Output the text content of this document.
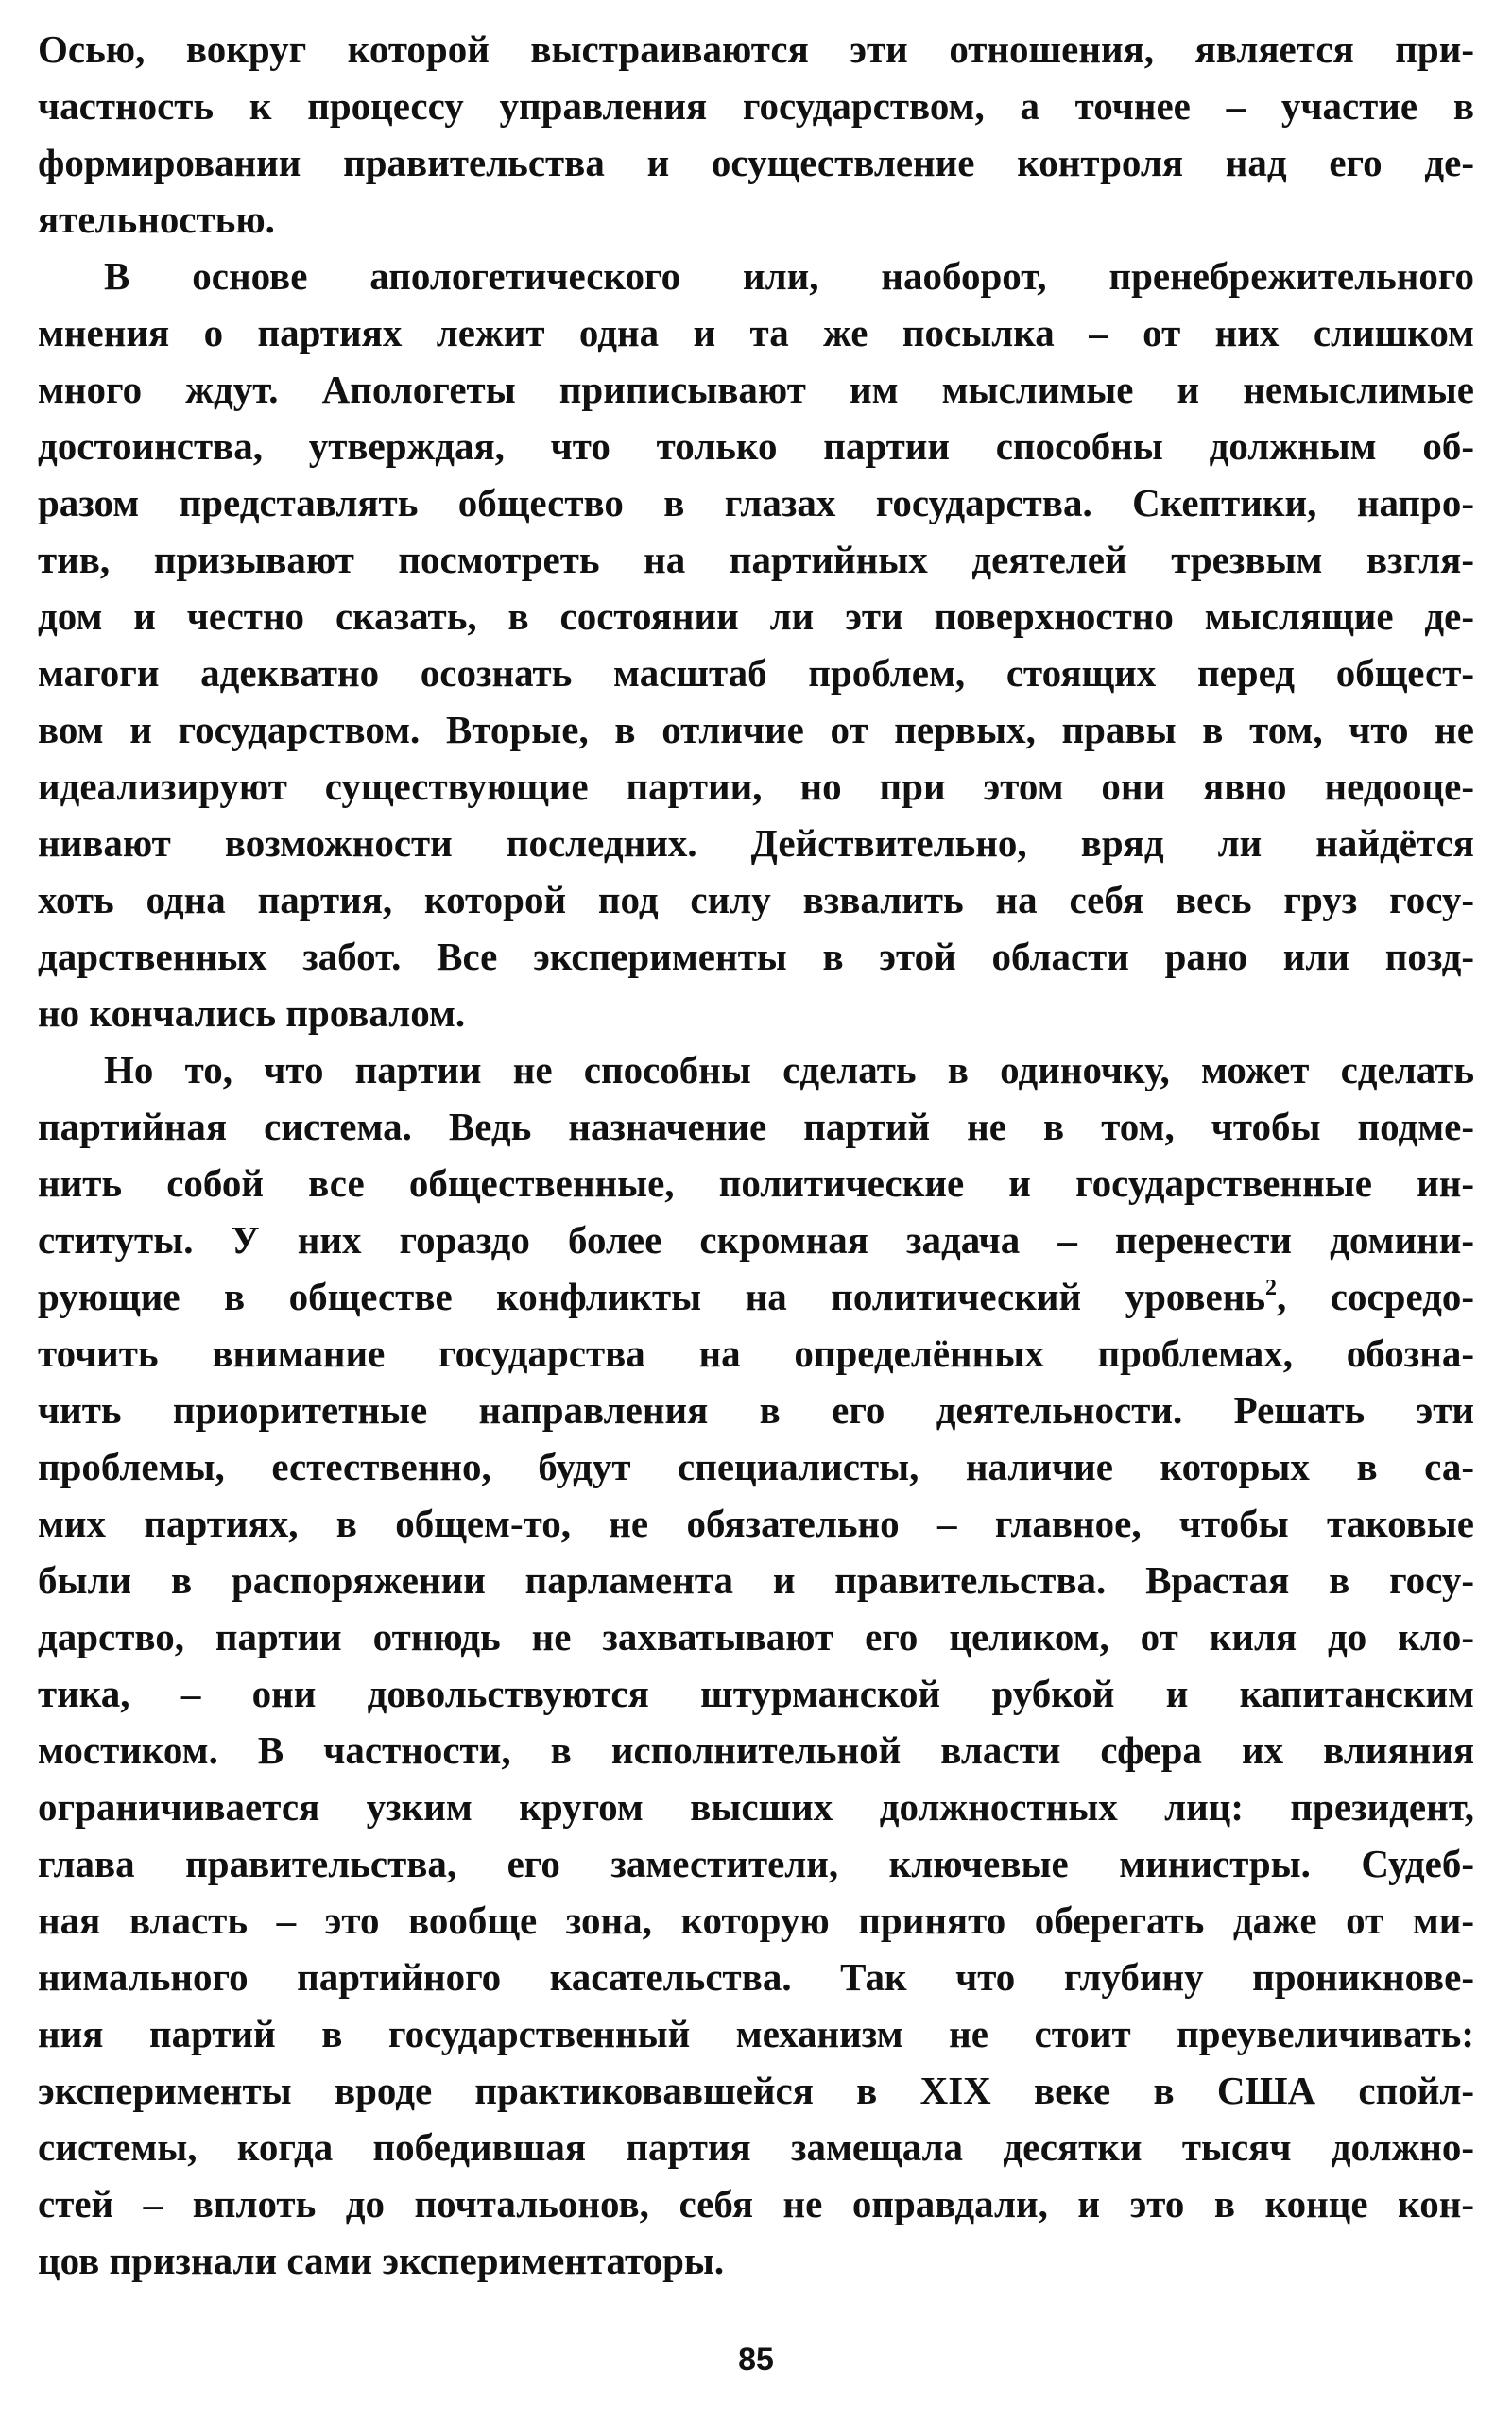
Осью, вокруг которой выстраиваются эти отношения, является при-
частность к процессу управления государством, а точнее – участие в
формировании правительства и осуществление контроля над его де-
ятельностью.
В основе апологетического или, наоборот, пренебрежительного
мнения о партиях лежит одна и та же посылка – от них слишком
много ждут. Апологеты приписывают им мыслимые и немыслимые
достоинства, утверждая, что только партии способны должным об-
разом представлять общество в глазах государства. Скептики, напро-
тив, призывают посмотреть на партийных деятелей трезвым взгля-
дом и честно сказать, в состоянии ли эти поверхностно мыслящие де-
магоги адекватно осознать масштаб проблем, стоящих перед общест-
вом и государством. Вторые, в отличие от первых, правы в том, что не
идеализируют существующие партии, но при этом они явно недооце-
нивают возможности последних. Действительно, вряд ли найдётся
хоть одна партия, которой под силу взвалить на себя весь груз госу-
дарственных забот. Все эксперименты в этой области рано или позд-
но кончались провалом.
Но то, что партии не способны сделать в одиночку, может сделать
партийная система. Ведь назначение партий не в том, чтобы подме-
нить собой все общественные, политические и государственные ин-
ституты. У них гораздо более скромная задача – перенести домини-
рующие в обществе конфликты на политический уровень$^2$, сосредо-
точить внимание государства на определённых проблемах, обозна-
чить приоритетные направления в его деятельности. Решать эти
проблемы, естественно, будут специалисты, наличие которых в са-
мих партиях, в общем-то, не обязательно – главное, чтобы таковые
были в распоряжении парламента и правительства. Врастая в госу-
дарство, партии отнюдь не захватывают его целиком, от киля до кло-
тика, – они довольствуются штурманской рубкой и капитанским
мостиком. В частности, в исполнительной власти сфера их влияния
ограничивается узким кругом высших должностных лиц: президент,
глава правительства, его заместители, ключевые министры. Судеб-
ная власть – это вообще зона, которую принято оберегать даже от ми-
нимального партийного касательства. Так что глубину проникнове-
ния партий в государственный механизм не стоит преувеличивать:
эксперименты вроде практиковавшейся в XIX веке в США спойл-
системы, когда победившая партия замещала десятки тысяч должно-
стей – вплоть до почтальонов, себя не оправдали, и это в конце кон-
цов признали сами экспериментаторы.
85
